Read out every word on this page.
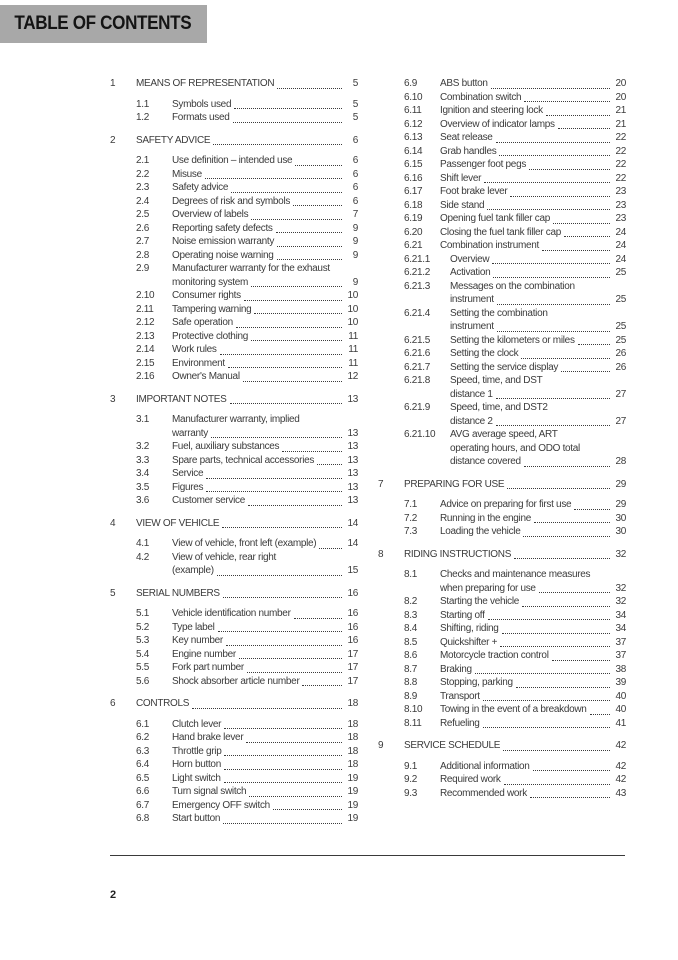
TABLE OF CONTENTS
1	MEANS OF REPRESENTATION	5
1.1	Symbols used	5
1.2	Formats used	5
2	SAFETY ADVICE	6
2.1	Use definition – intended use	6
2.2	Misuse	6
2.3	Safety advice	6
2.4	Degrees of risk and symbols	6
2.5	Overview of labels	7
2.6	Reporting safety defects	9
2.7	Noise emission warranty	9
2.8	Operating noise warning	9
2.9	Manufacturer warranty for the exhaust
monitoring system	9
2.10	Consumer rights	10
2.11	Tampering warning	10
2.12	Safe operation	10
2.13	Protective clothing	11
2.14	Work rules	11
2.15	Environment	11
2.16	Owner's Manual	12
3	IMPORTANT NOTES	13
3.1	Manufacturer warranty, implied
warranty	13
3.2	Fuel, auxiliary substances	13
3.3	Spare parts, technical accessories	13
3.4	Service	13
3.5	Figures	13
3.6	Customer service	13
4	VIEW OF VEHICLE	14
4.1	View of vehicle, front left (example)	14
4.2	View of vehicle, rear right
(example)	15
5	SERIAL NUMBERS	16
5.1	Vehicle identification number	16
5.2	Type label	16
5.3	Key number	16
5.4	Engine number	17
5.5	Fork part number	17
5.6	Shock absorber article number	17
6	CONTROLS	18
6.1	Clutch lever	18
6.2	Hand brake lever	18
6.3	Throttle grip	18
6.4	Horn button	18
6.5	Light switch	19
6.6	Turn signal switch	19
6.7	Emergency OFF switch	19
6.8	Start button	19
6.9	ABS button	20
6.10	Combination switch	20
6.11	Ignition and steering lock	21
6.12	Overview of indicator lamps	21
6.13	Seat release	22
6.14	Grab handles	22
6.15	Passenger foot pegs	22
6.16	Shift lever	22
6.17	Foot brake lever	23
6.18	Side stand	23
6.19	Opening fuel tank filler cap	23
6.20	Closing the fuel tank filler cap	24
6.21	Combination instrument	24
6.21.1	Overview	24
6.21.2	Activation	25
6.21.3	Messages on the combination
instrument	25
6.21.4	Setting the combination
instrument	25
6.21.5	Setting the kilometers or miles	25
6.21.6	Setting the clock	26
6.21.7	Setting the service display	26
6.21.8	Speed, time, and DST
distance 1	27
6.21.9	Speed, time, and DST2
distance 2	27
6.21.10	AVG average speed, ART
operating hours, and ODO total
distance covered	28
7	PREPARING FOR USE	29
7.1	Advice on preparing for first use	29
7.2	Running in the engine	30
7.3	Loading the vehicle	30
8	RIDING INSTRUCTIONS	32
8.1	Checks and maintenance measures
when preparing for use	32
8.2	Starting the vehicle	32
8.3	Starting off	34
8.4	Shifting, riding	34
8.5	Quickshifter +	37
8.6	Motorcycle traction control	37
8.7	Braking	38
8.8	Stopping, parking	39
8.9	Transport	40
8.10	Towing in the event of a breakdown	40
8.11	Refueling	41
9	SERVICE SCHEDULE	42
9.1	Additional information	42
9.2	Required work	42
9.3	Recommended work	43
2
